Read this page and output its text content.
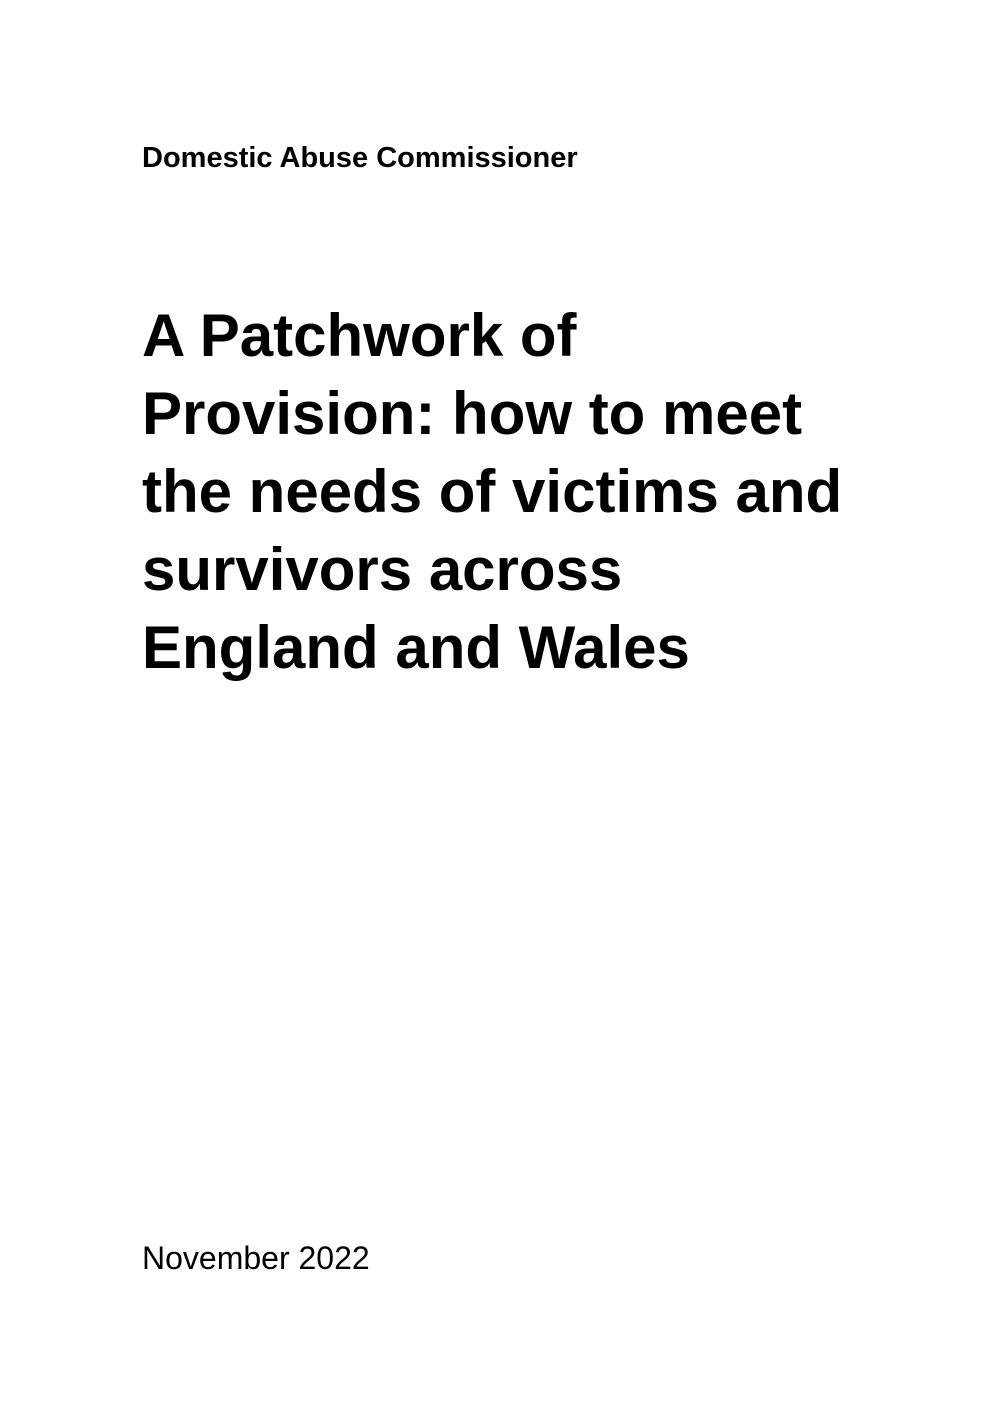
Domestic Abuse Commissioner
A Patchwork of
Provision: how to meet
the needs of victims and
survivors across
England and Wales
November 2022
